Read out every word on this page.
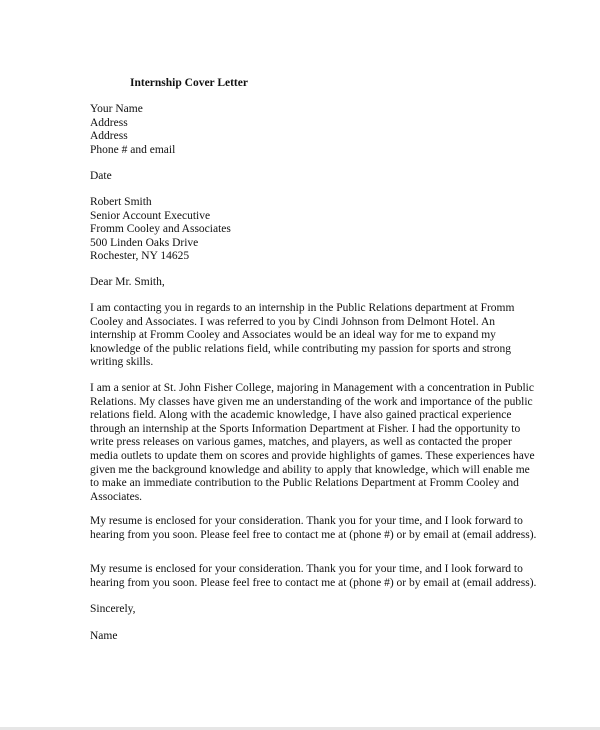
Internship Cover Letter
Your Name
Address
Address
Phone # and email
Date
Robert Smith
Senior Account Executive
Fromm Cooley and Associates
500 Linden Oaks Drive
Rochester, NY 14625
Dear Mr. Smith,
I am contacting you in regards to an internship in the Public Relations department at Fromm
Cooley and Associates. I was referred to you by Cindi Johnson from Delmont Hotel. An
internship at Fromm Cooley and Associates would be an ideal way for me to expand my
knowledge of the public relations field, while contributing my passion for sports and strong
writing skills.
I am a senior at St. John Fisher College, majoring in Management with a concentration in Public
Relations. My classes have given me an understanding of the work and importance of the public
relations field. Along with the academic knowledge, I have also gained practical experience
through an internship at the Sports Information Department at Fisher. I had the opportunity to
write press releases on various games, matches, and players, as well as contacted the proper
media outlets to update them on scores and provide highlights of games. These experiences have
given me the background knowledge and ability to apply that knowledge, which will enable me
to make an immediate contribution to the Public Relations Department at Fromm Cooley and
Associates.
My resume is enclosed for your consideration. Thank you for your time, and I look forward to
hearing from you soon. Please feel free to contact me at (phone #) or by email at (email address).
My resume is enclosed for your consideration. Thank you for your time, and I look forward to
hearing from you soon. Please feel free to contact me at (phone #) or by email at (email address).
Sincerely,
Name
